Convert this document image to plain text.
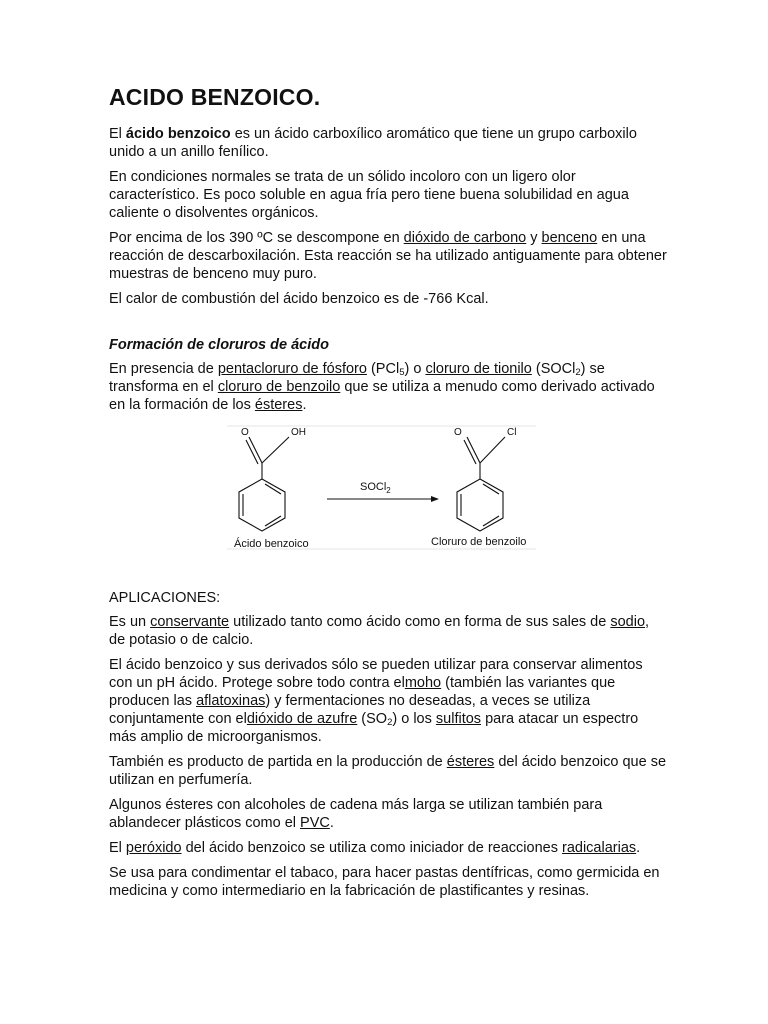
ACIDO BENZOICO.

El ácido benzoico es un ácido carboxílico aromático que tiene un grupo carboxilo unido a un anillo fenílico.

En condiciones normales se trata de un sólido incoloro con un ligero olor característico. Es poco soluble en agua fría pero tiene buena solubilidad en agua caliente o disolventes orgánicos.

Por encima de los 390 ºC se descompone en dióxido de carbono y benceno en una reacción de descarboxilación. Esta reacción se ha utilizado antiguamente para obtener muestras de benceno muy puro.

El calor de combustión del ácido benzoico es de -766 Kcal.

Formación de cloruros de ácido

En presencia de pentacloruro de fósforo (PCl$_5$) o cloruro de tionilo (SOCl$_2$) se transforma en el cloruro de benzoilo que se utiliza a menudo como derivado activado en la formación de los ésteres.

O	OH
SOCl$_2$
O	Cl
Ácido benzoico	Cloruro de benzoilo
APLICACIONES:

Es un conservante utilizado tanto como ácido como en forma de sus sales de sodio, de potasio o de calcio.

El ácido benzoico y sus derivados sólo se pueden utilizar para conservar alimentos con un pH ácido. Protege sobre todo contra elmoho (también las variantes que producen las aflatoxinas) y fermentaciones no deseadas, a veces se utiliza conjuntamente con eldióxido de azufre $(SO_2)$ o los sulfitos para atacar un espectro más amplio de microorganismos.

También es producto de partida en la producción de ésteres del ácido benzoico que se utilizan en perfumería.

Algunos ésteres con alcoholes de cadena más larga se utilizan también para ablandecer plásticos como el PVC.

El peróxido del ácido benzoico se utiliza como iniciador de reacciones radicalarias.

Se usa para condimentar el tabaco, para hacer pastas dentífricas, como germicida en medicina y como intermediario en la fabricación de plastificantes y resinas.
